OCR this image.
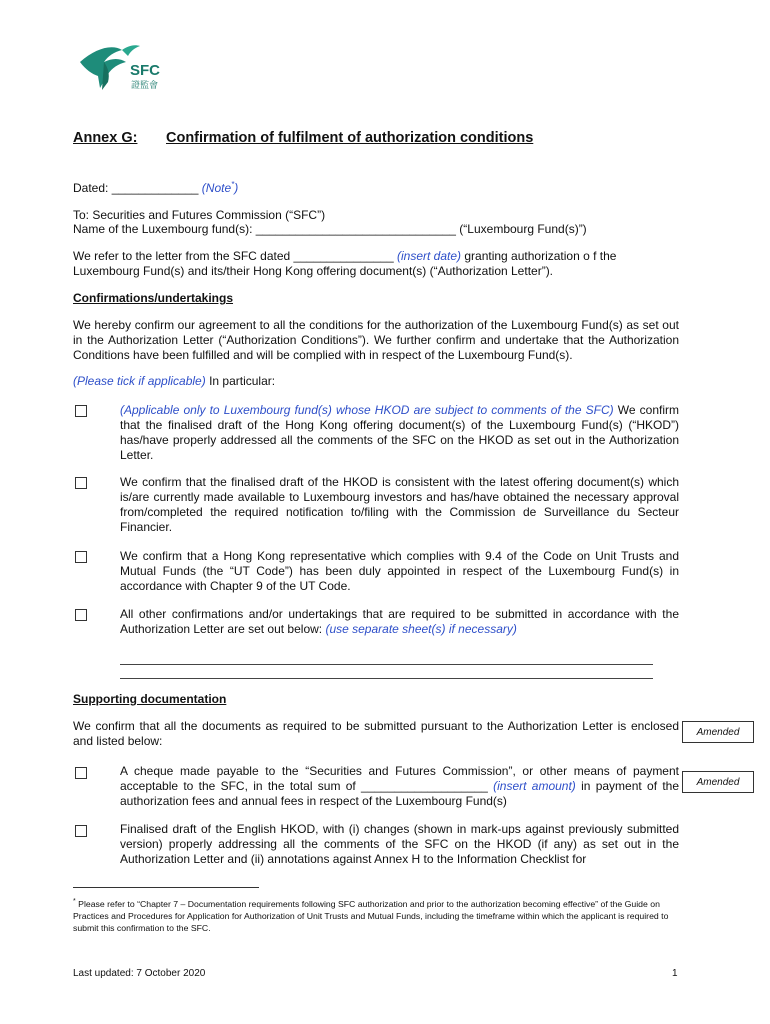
SFC
證監會
Annex G: Confirmation of fulfilment of authorization conditions
Dated: _____________ (Note*)
To: Securities and Futures Commission (“SFC”)
Name of the Luxembourg fund(s): ______________________________ (“Luxembourg Fund(s)”)
We refer to the letter from the SFC dated _______________ (insert date) granting authorization o f the
Luxembourg Fund(s) and its/their Hong Kong offering document(s) (“Authorization Letter”).
Confirmations/undertakings
We hereby confirm our agreement to all the conditions for the authorization of the Luxembourg Fund(s) as set out in the Authorization Letter (“Authorization Conditions”). We further confirm and undertake that the Authorization Conditions have been fulfilled and will be complied with in respect of the Luxembourg Fund(s).
(Please tick if applicable) In particular:
(Applicable only to Luxembourg fund(s) whose HKOD are subject to comments of the SFC) We confirm that the finalised draft of the Hong Kong offering document(s) of the Luxembourg Fund(s) (“HKOD”) has/have properly addressed all the comments of the SFC on the HKOD as set out in the Authorization Letter.
We confirm that the finalised draft of the HKOD is consistent with the latest offering document(s) which is/are currently made available to Luxembourg investors and has/have obtained the necessary approval from/completed the required notification to/filing with the Commission de Surveillance du Secteur Financier.
We confirm that a Hong Kong representative which complies with 9.4 of the Code on Unit Trusts and Mutual Funds (the “UT Code”) has been duly appointed in respect of the Luxembourg Fund(s) in accordance with Chapter 9 of the UT Code.
All other confirmations and/or undertakings that are required to be submitted in accordance with the Authorization Letter are set out below: (use separate sheet(s) if necessary)
Supporting documentation
We confirm that all the documents as required to be submitted pursuant to the Authorization Letter is enclosed and listed below:
Amended
A cheque made payable to the “Securities and Futures Commission”, or other means of payment acceptable to the SFC, in the total sum of ___________________ (insert amount) in payment of the authorization fees and annual fees in respect of the Luxembourg Fund(s)
Amended
Finalised draft of the English HKOD, with (i) changes (shown in mark-ups against previously submitted version) properly addressing all the comments of the SFC on the HKOD (if any) as set out in the Authorization Letter and (ii) annotations against Annex H to the Information Checklist for
* Please refer to “Chapter 7 – Documentation requirements following SFC authorization and prior to the authorization becoming effective” of the Guide on Practices and Procedures for Application for Authorization of Unit Trusts and Mutual Funds, including the timeframe within which the applicant is required to submit this confirmation to the SFC.
Last updated: 7 October 2020	1
